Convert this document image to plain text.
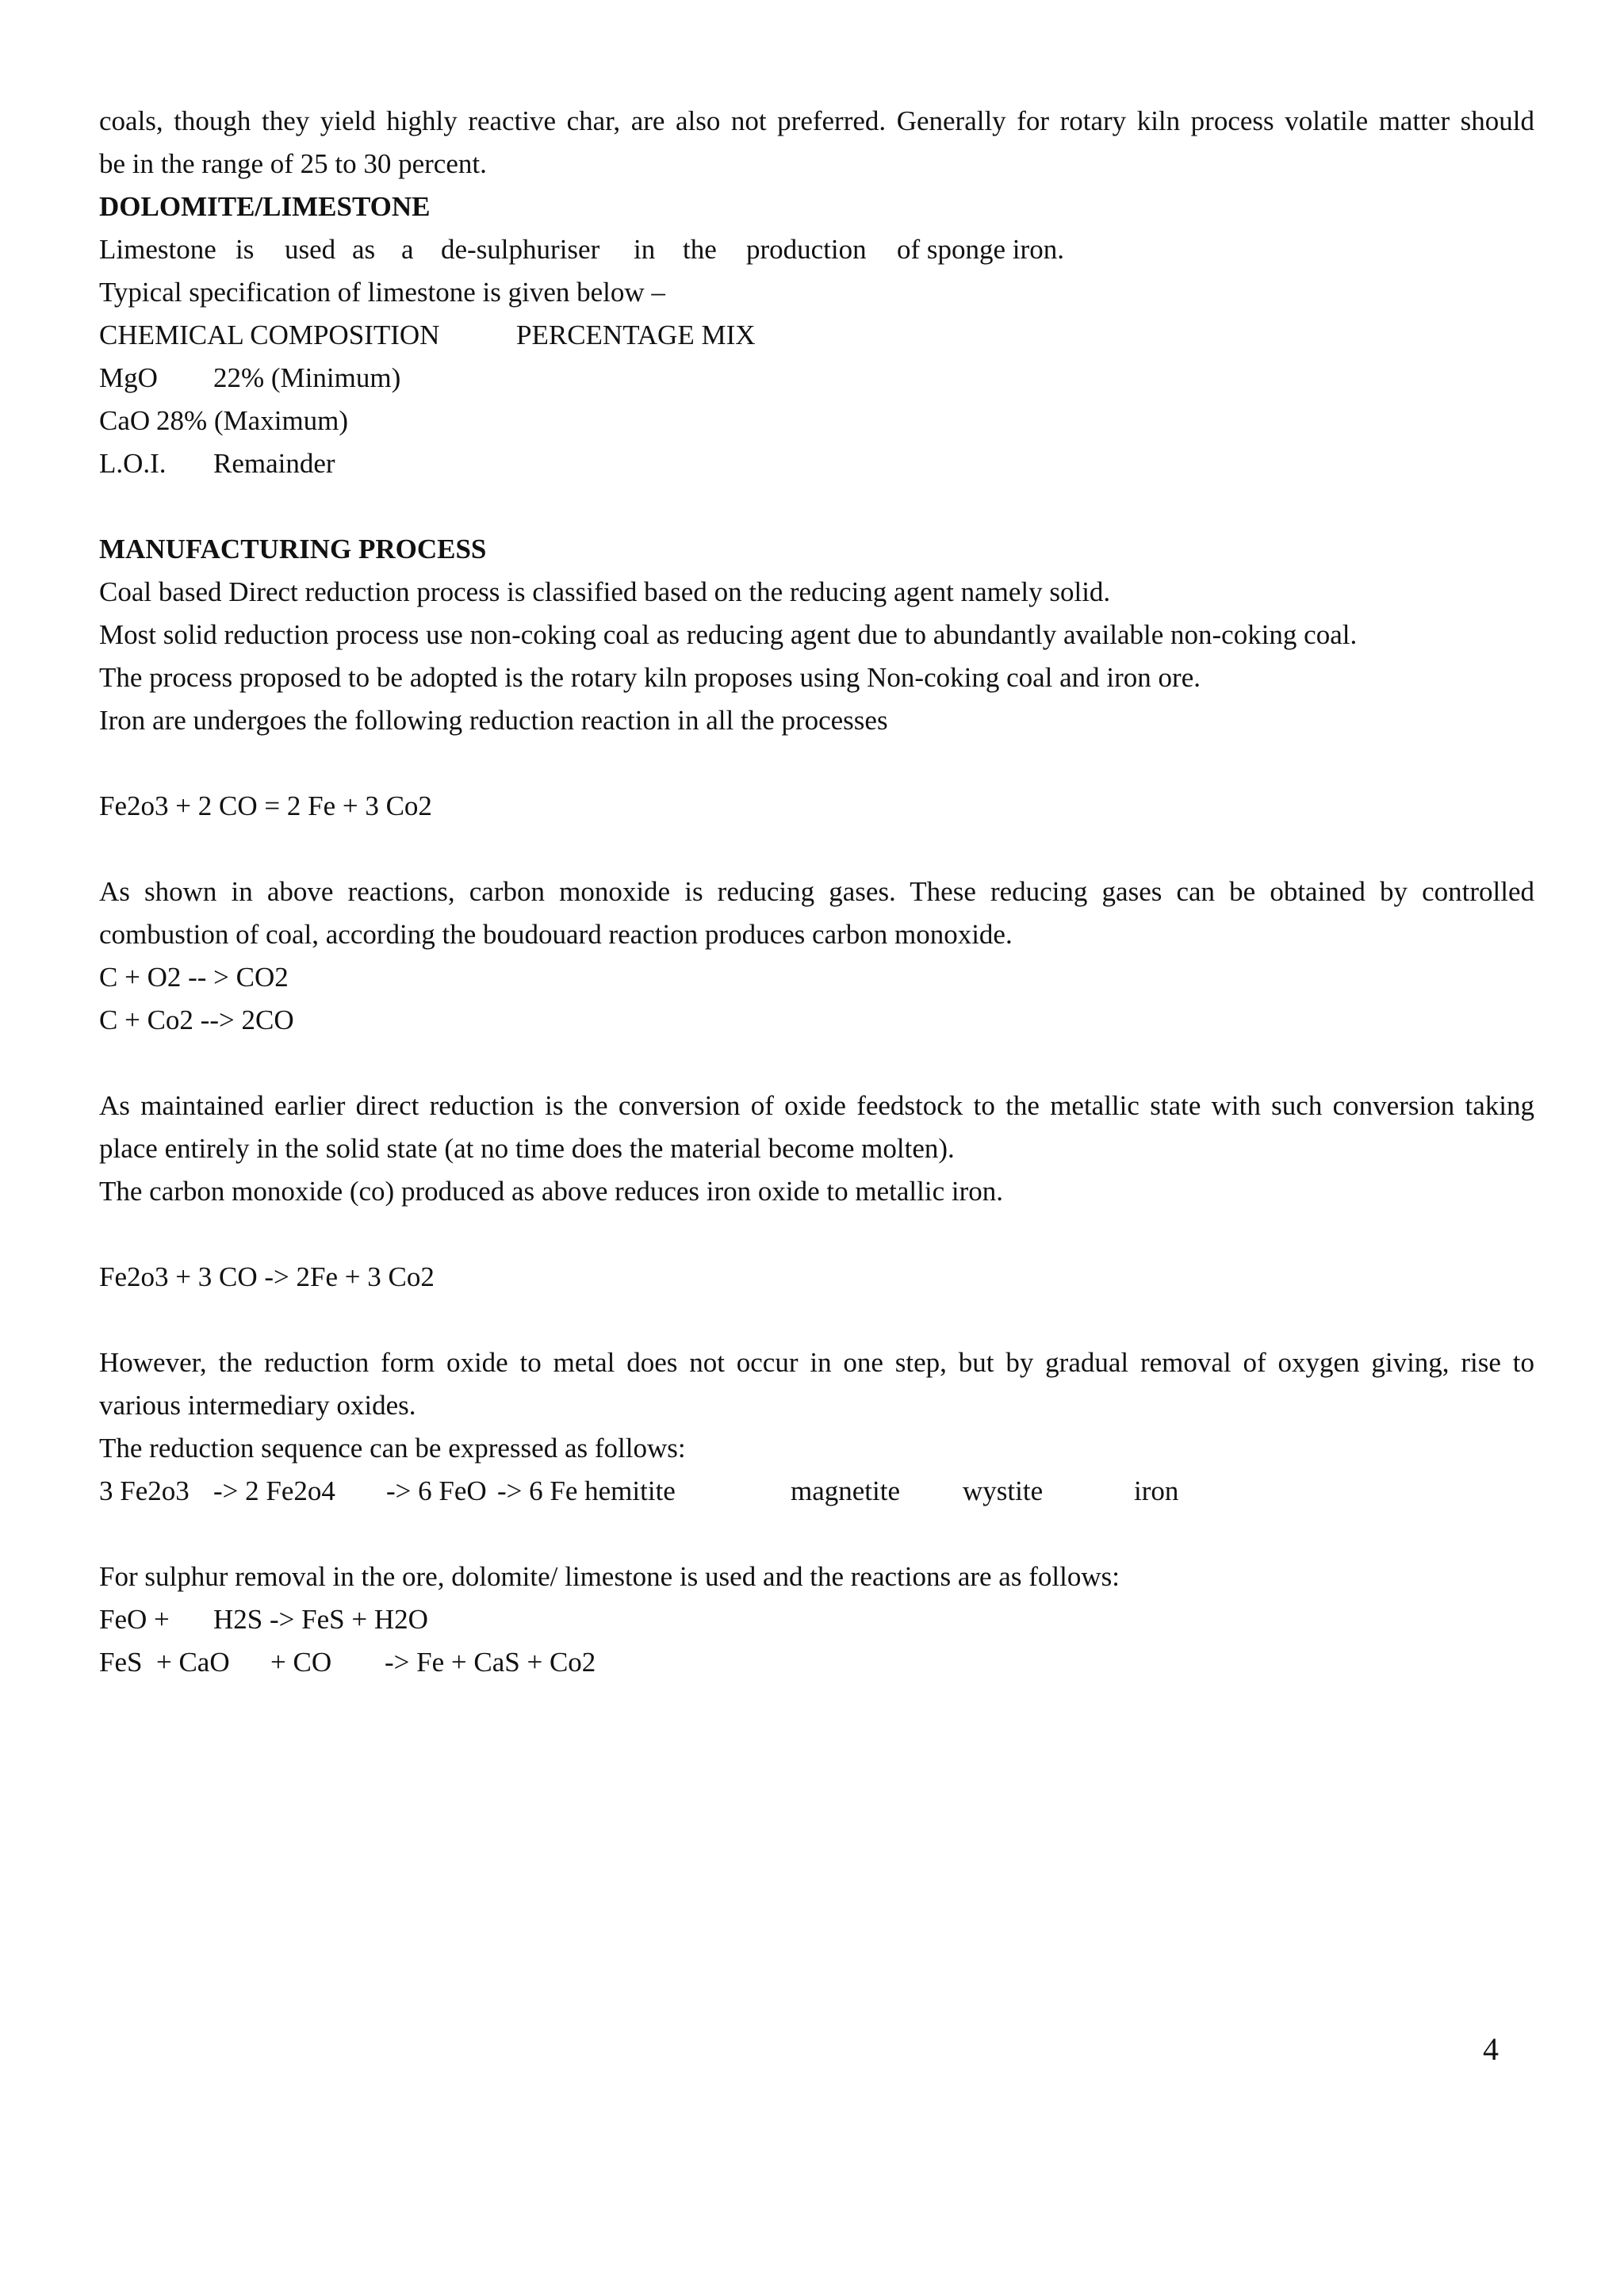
coals, though they yield highly reactive char, are also not preferred. Generally for rotary kiln process volatile matter should
be in the range of 25 to 30 percent.
DOLOMITE/LIMESTONE
Limestone is	used as a de-sulphuriser	in the	production	of sponge iron.
Typical specification of limestone is given below –
CHEMICAL COMPOSITION	PERCENTAGE MIX
MgO	22% (Minimum)
CaO 28% (Maximum)
L.O.I.	Remainder
MANUFACTURING PROCESS
Coal based Direct reduction process is classified based on the reducing agent namely solid.
Most solid reduction process use non-coking coal as reducing agent due to abundantly available non-coking coal.
The process proposed to be adopted is the rotary kiln proposes using Non-coking coal and iron ore.
Iron are undergoes the following reduction reaction in all the processes
Fe2o3 + 2 CO = 2 Fe + 3 Co2
As shown in above reactions, carbon monoxide is reducing gases. These reducing gases can be obtained by controlled
combustion of coal, according the boudouard reaction produces carbon monoxide.
C + O2 -- > CO2
C + Co2 --> 2CO
As maintained earlier direct reduction is the conversion of oxide feedstock to the metallic state with such conversion taking
place entirely in the solid state (at no time does the material become molten).
The carbon monoxide (co) produced as above reduces iron oxide to metallic iron.
Fe2o3 + 3 CO -> 2Fe + 3 Co2
However, the reduction form oxide to metal does not occur in one step, but by gradual removal of oxygen giving, rise to
various intermediary oxides.
The reduction sequence can be expressed as follows:
3 Fe2o3 -> 2 Fe2o4	-> 6 FeO -> 6 Fe hemitite	magnetite	wystite	iron
For sulphur removal in the ore, dolomite/ limestone is used and the reactions are as follows:
FeO +	H2S -> FeS + H2O
FeS  + CaO	+ CO	-> Fe + CaS + Co2
4
